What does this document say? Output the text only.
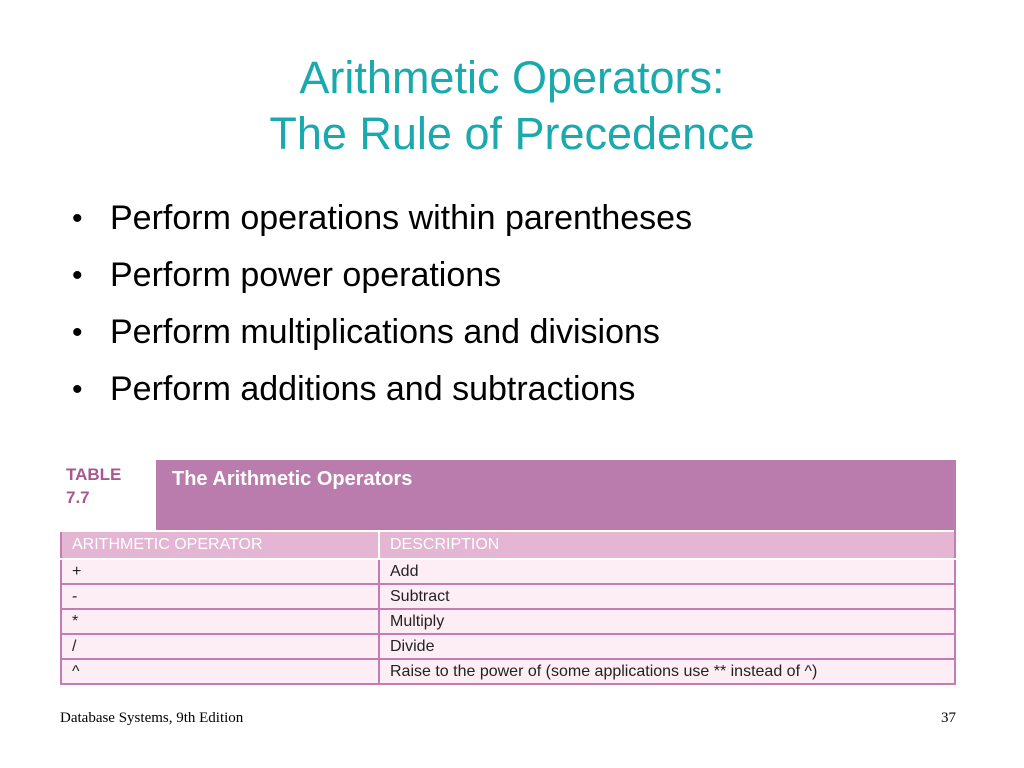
Arithmetic Operators:
The Rule of Precedence
• Perform operations within parentheses
• Perform power operations
• Perform multiplications and divisions
• Perform additions and subtractions
TABLE
7.7
The Arithmetic Operators
ARITHMETIC OPERATOR	DESCRIPTION
+	Add
-	Subtract
*	Multiply
/	Divide
^	Raise to the power of (some applications use ** instead of ^)
Database Systems, 9th Edition	37
